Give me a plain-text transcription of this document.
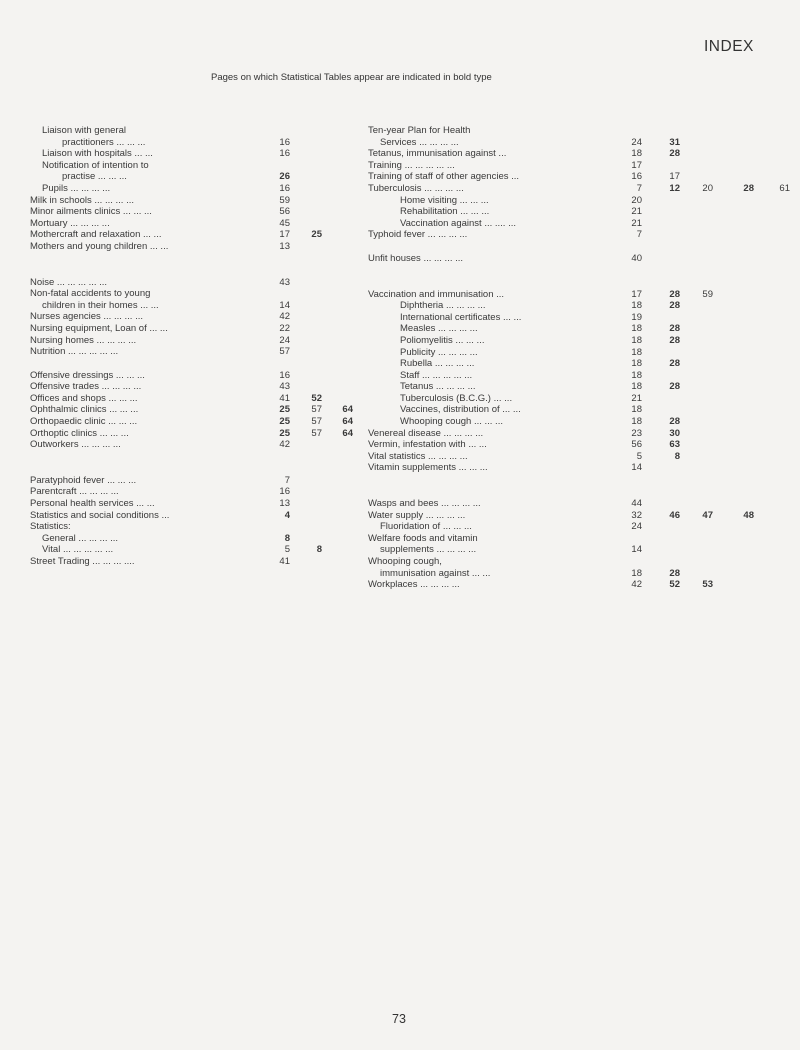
INDEX
Pages on which Statistical Tables appear are indicated in bold type
Liaison with general
practitioners ... ... ...	16
Liaison with hospitals ... ...	16
Notification of intention to
practise ... ... ...	26
Pupils ... ... ... ...	16
Milk in schools ... ... ... ...	59
Minor ailments clinics ... ... ...	56
Mortuary ... ... ... ...	45
Mothercraft and relaxation ... ...	17	25
Mothers and young children ... ...	13
Noise ... ... ... ... ...	43
Non-fatal accidents to young
children in their homes ... ...	14
Nurses agencies ... ... ... ...	42
Nursing equipment, Loan of ... ...	22
Nursing homes ... ... ... ...	24
Nutrition ... ... ... ... ...	57
Offensive dressings ... ... ...	16
Offensive trades ... ... ... ...	43
Offices and shops ... ... ...	41	52
Ophthalmic clinics ... ... ...	25	57	64
Orthopaedic clinic ... ... ...	25	57	64
Orthoptic clinics ... ... ...	25	57	64
Outworkers ... ... ... ...	42
Paratyphoid fever ... ... ...	7
Parentcraft ... ... ... ...	16
Personal health services ... ...	13
Statistics and social conditions ...	4
Statistics:
General ... ... ... ...	8
Vital ... ... ... ... ...	5	8
Street Trading ... ... ... ....	41
Ten-year Plan for Health
Services ... ... ... ...	24	31
Tetanus, immunisation against ...	18	28
Training ... ... ... ... ...	17
Training of staff of other agencies ...	16	17
Tuberculosis ... ... ... ...	7	12	20	28	61
Home visiting ... ... ...	20
Rehabilitation ... ... ...	21
Vaccination against ... .... ...	21
Typhoid fever ... ... ... ...	7
Unfit houses ... ... ... ...	40
Vaccination and immunisation ...	17	28	59
Diphtheria ... ... ... ...	18	28
International certificates ... ...	19
Measles ... ... ... ...	18	28
Poliomyelitis ... ... ...	18	28
Publicity ... ... ... ...	18
Rubella ... ... ... ...	18	28
Staff ... ... ... ... ...	18
Tetanus ... ... ... ...	18	28
Tuberculosis (B.C.G.) ... ...	21
Vaccines, distribution of ... ...	18
Whooping cough ... ... ...	18	28
Venereal disease ... ... ... ...	23	30
Vermin, infestation with ... ...	56	63
Vital statistics ... ... ... ...	5	8
Vitamin supplements ... ... ...	14
Wasps and bees ... ... ... ...	44
Water supply ... ... ... ...	32	46	47	48
Fluoridation of ... ... ...	24
Welfare foods and vitamin
supplements ... ... ... ...	14
Whooping cough,
immunisation against ... ...	18	28
Workplaces ... ... ... ...	42	52	53
73
